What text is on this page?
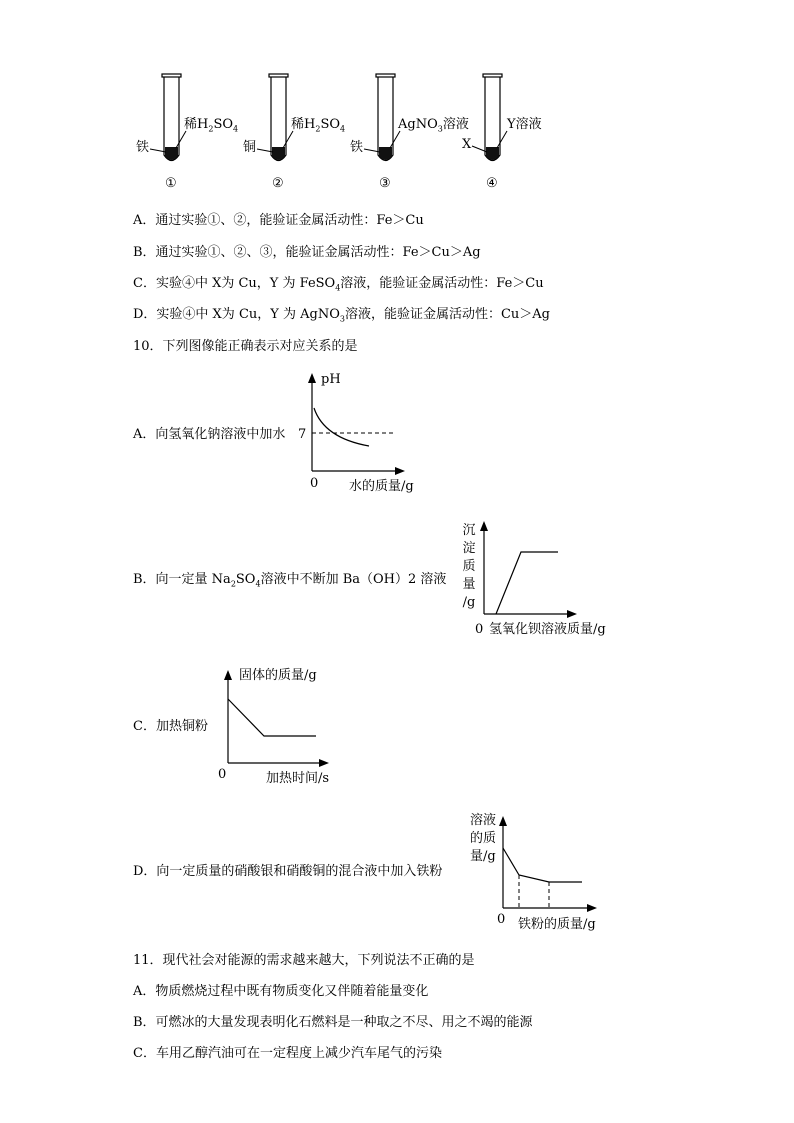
铁
稀$H_2SO_4$
①
铜
稀$H_2SO_4$
②
铁
AgNO$_3$溶液
③
X
Y溶液
④
A．通过实验①、②，能验证金属活动性：Fe＞Cu
B．通过实验①、②、③，能验证金属活动性：Fe＞Cu＞Ag
C．实验④中 X为 Cu，Y 为 FeSO$_4$溶液，能验证金属活动性：Fe＞Cu
D．实验④中 X为 Cu，Y 为 AgNO$_3$溶液，能验证金属活动性：Cu＞Ag
10．下列图像能正确表示对应关系的是
A．向氢氧化钠溶液中加水
B．向一定量 $Na_2SO_4$溶液中不断加 Ba（OH）2 溶液
C．加热铜粉
D．向一定质量的硝酸银和硝酸铜的混合液中加入铁粉
pH
7
0 水的质量/g
沉
淀
质
量
/g
0 氢氧化钡溶液质量/g
固体的质量/g
0	加热时间/s
溶液
的质
量/g
0 铁粉的质量/g
11．现代社会对能源的需求越来越大，下列说法不正确的是
A．物质燃烧过程中既有物质变化又伴随着能量变化
B．可燃冰的大量发现表明化石燃料是一种取之不尽、用之不竭的能源
C．车用乙醇汽油可在一定程度上减少汽车尾气的污染
